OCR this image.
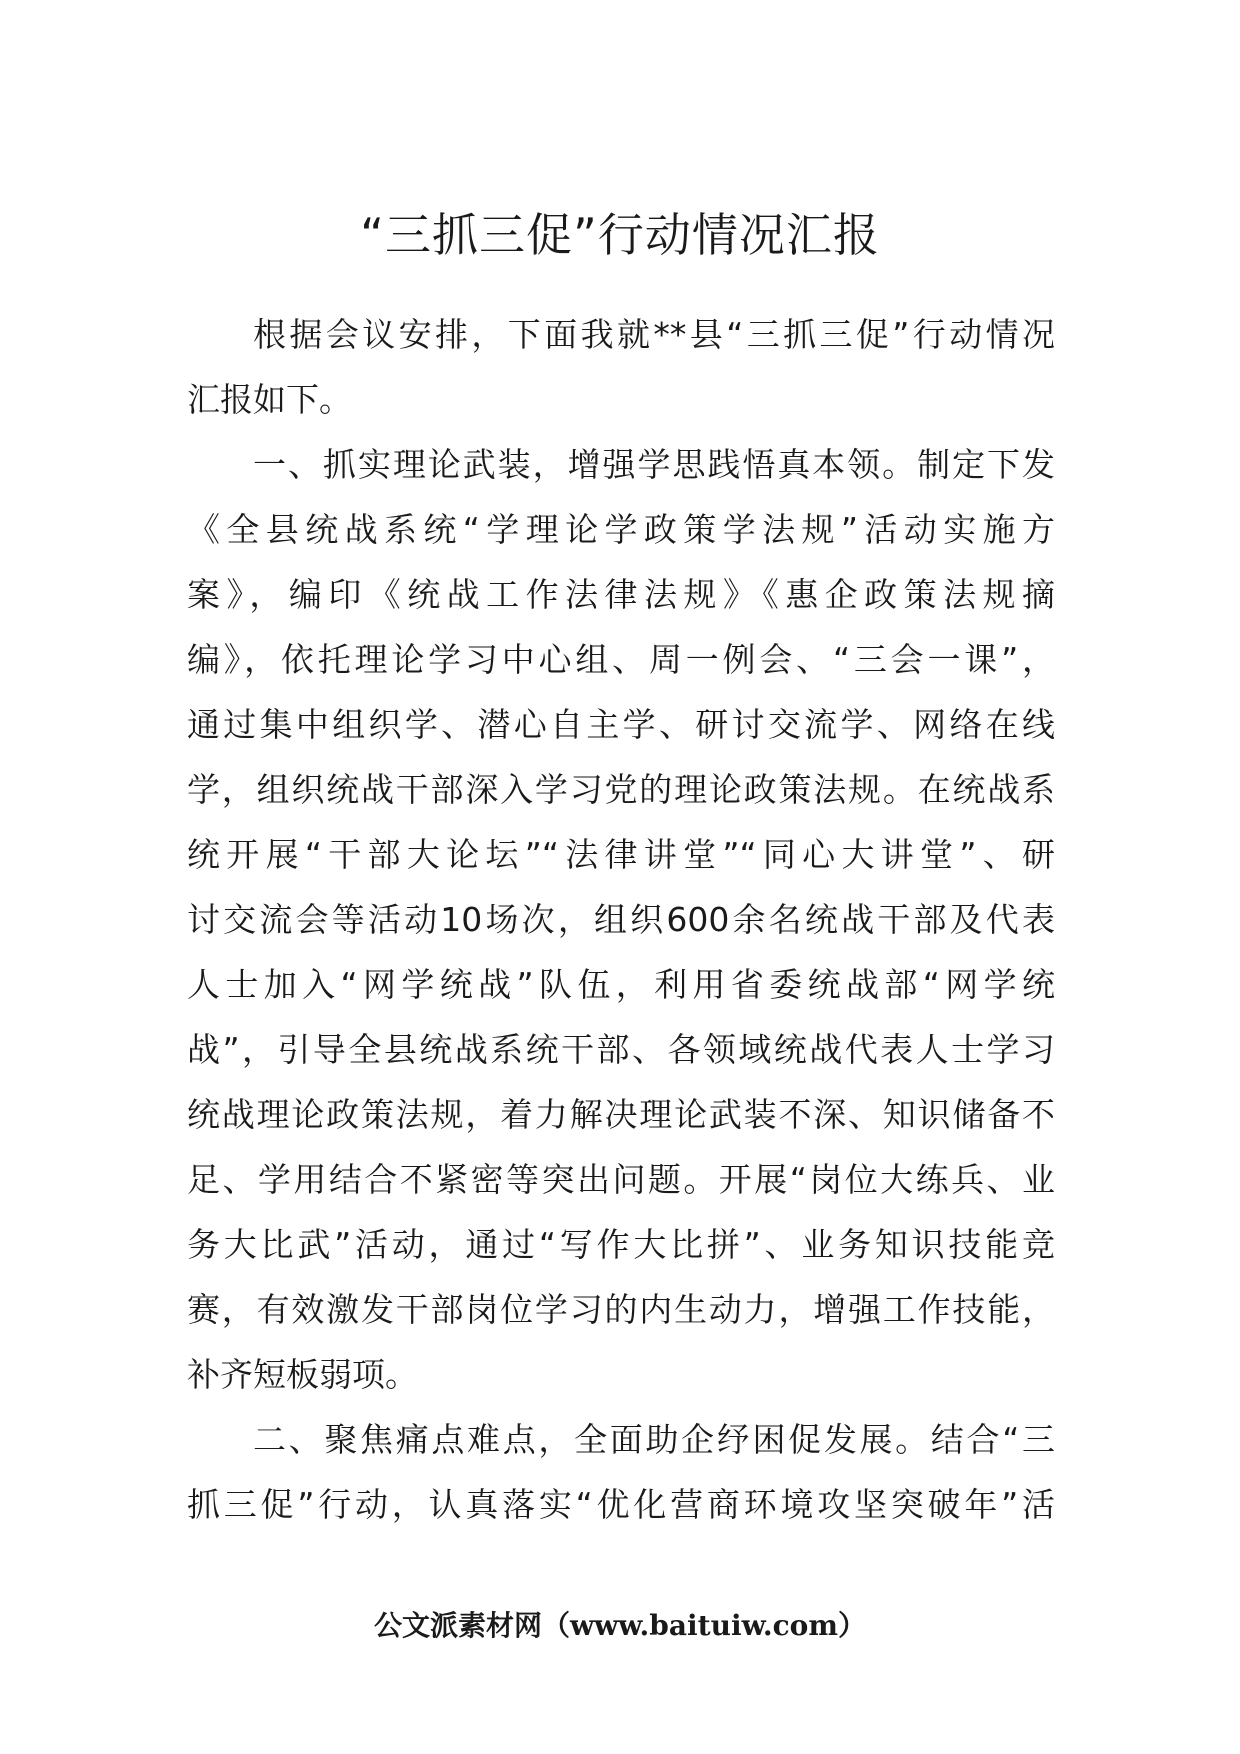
“三抓三促”行动情况汇报
根据会议安排，下面我就**县“三抓三促”行动情况
汇报如下。
一、抓实理论武装，增强学思践悟真本领。制定下发
《全县统战系统“学理论学政策学法规”活动实施方
案》，编印《统战工作法律法规》《惠企政策法规摘
编》，依托理论学习中心组、周一例会、“三会一课”，
通过集中组织学、潜心自主学、研讨交流学、网络在线
学，组织统战干部深入学习党的理论政策法规。在统战系
统开展“干部大论坛”“法律讲堂”“同心大讲堂”、研
讨交流会等活动10场次，组织600余名统战干部及代表
人士加入“网学统战”队伍，利用省委统战部“网学统
战”，引导全县统战系统干部、各领域统战代表人士学习
统战理论政策法规，着力解决理论武装不深、知识储备不
足、学用结合不紧密等突出问题。开展“岗位大练兵、业
务大比武”活动，通过“写作大比拼”、业务知识技能竞
赛，有效激发干部岗位学习的内生动力，增强工作技能，
补齐短板弱项。
二、聚焦痛点难点，全面助企纾困促发展。结合“三
抓三促”行动，认真落实“优化营商环境攻坚突破年”活
公文派素材网（www.baituiw.com）
